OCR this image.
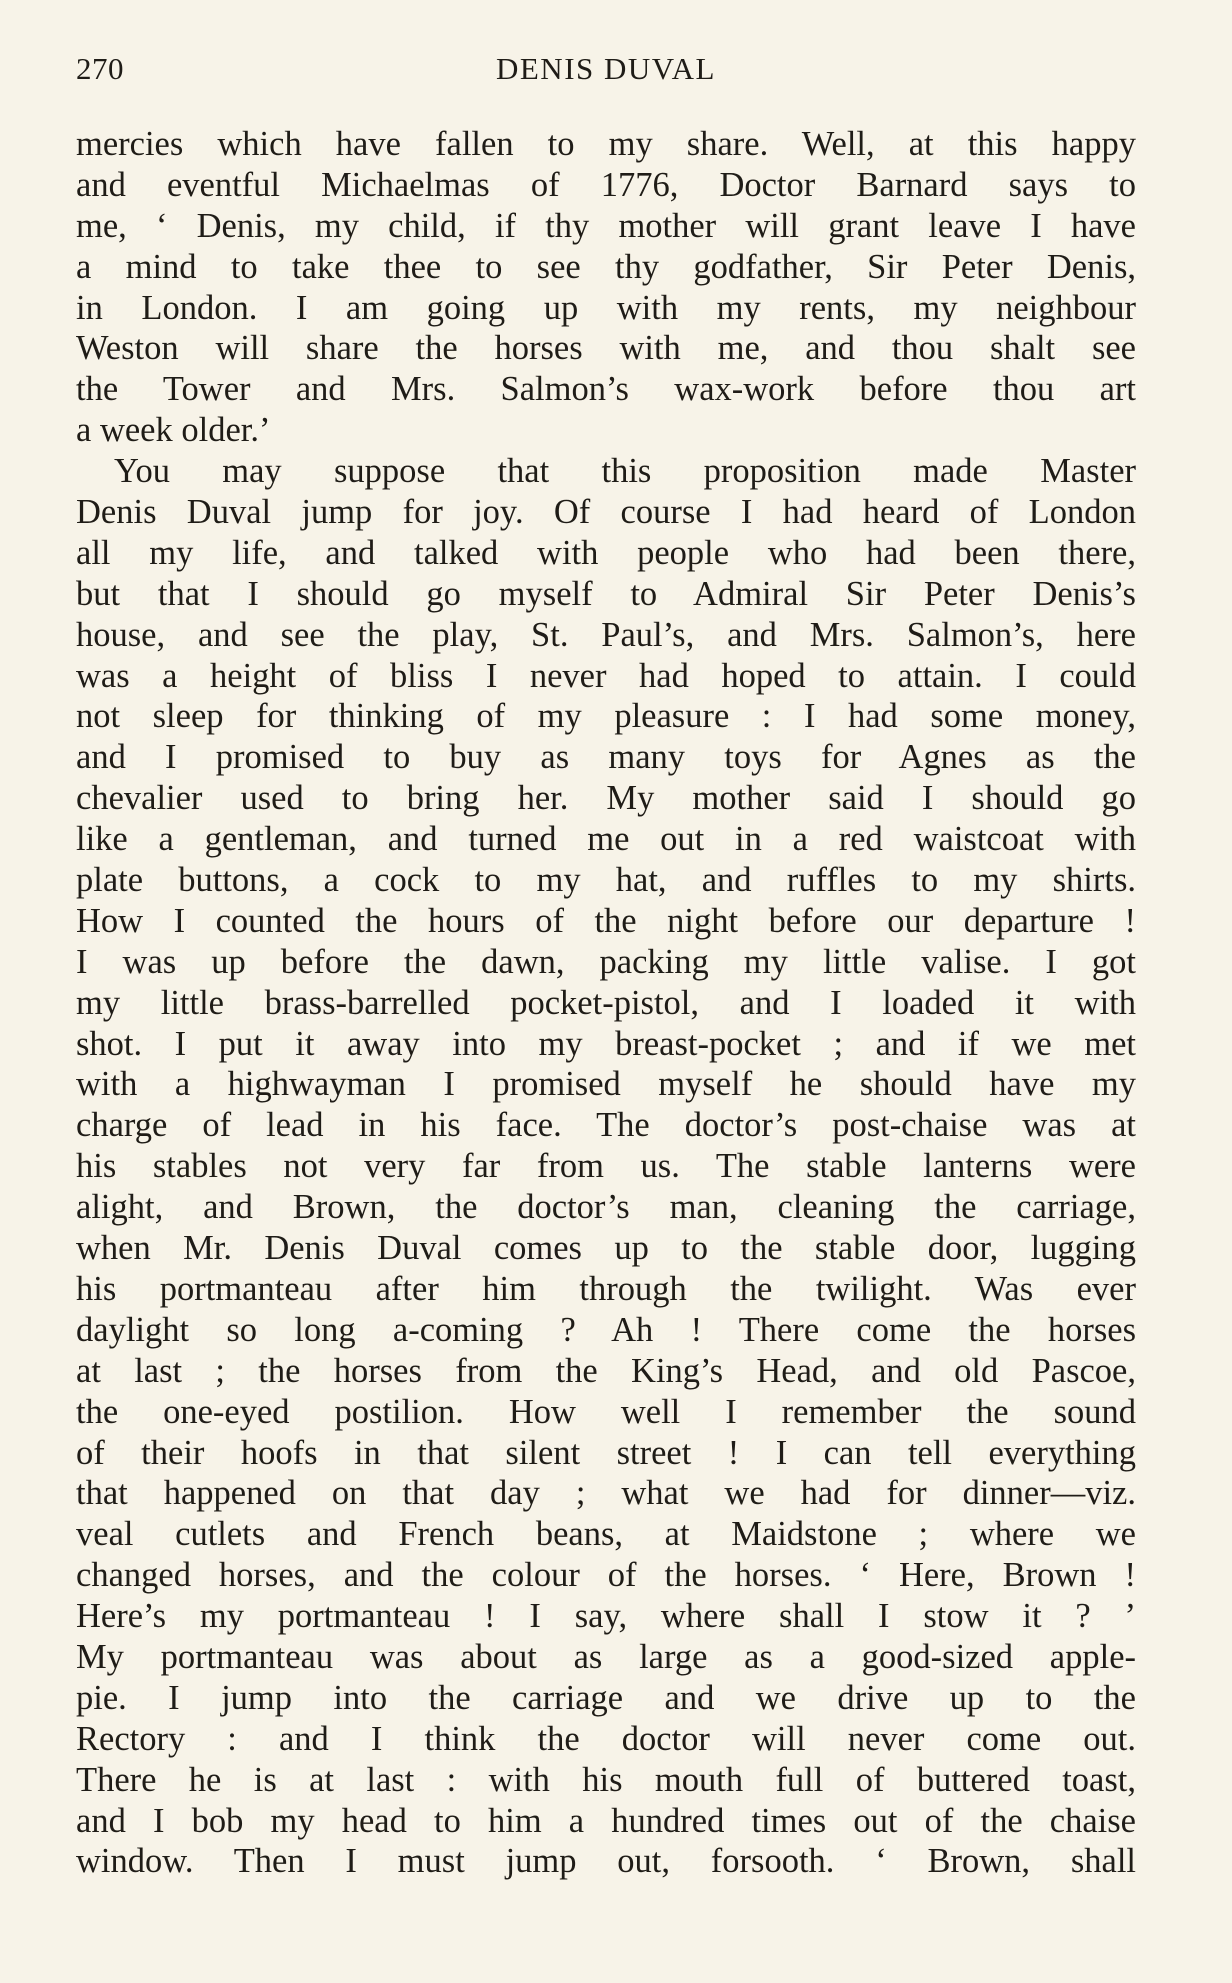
270	DENIS DUVAL
mercies which have fallen to my share. Well, at this happy
and eventful Michaelmas of 1776, Doctor Barnard says to
me, ‘ Denis, my child, if thy mother will grant leave I have
a mind to take thee to see thy godfather, Sir Peter Denis,
in London. I am going up with my rents, my neighbour
Weston will share the horses with me, and thou shalt see
the Tower and Mrs. Salmon’s wax-work before thou art
a week older.’
You may suppose that this proposition made Master
Denis Duval jump for joy. Of course I had heard of London
all my life, and talked with people who had been there,
but that I should go myself to Admiral Sir Peter Denis’s
house, and see the play, St. Paul’s, and Mrs. Salmon’s, here
was a height of bliss I never had hoped to attain. I could
not sleep for thinking of my pleasure : I had some money,
and I promised to buy as many toys for Agnes as the
chevalier used to bring her. My mother said I should go
like a gentleman, and turned me out in a red waistcoat with
plate buttons, a cock to my hat, and ruffles to my shirts.
How I counted the hours of the night before our departure !
I was up before the dawn, packing my little valise. I got
my little brass-barrelled pocket-pistol, and I loaded it with
shot. I put it away into my breast-pocket ; and if we met
with a highwayman I promised myself he should have my
charge of lead in his face. The doctor’s post-chaise was at
his stables not very far from us. The stable lanterns were
alight, and Brown, the doctor’s man, cleaning the carriage,
when Mr. Denis Duval comes up to the stable door, lugging
his portmanteau after him through the twilight. Was ever
daylight so long a-coming ? Ah ! There come the horses
at last ; the horses from the King’s Head, and old Pascoe,
the one-eyed postilion. How well I remember the sound
of their hoofs in that silent street ! I can tell everything
that happened on that day ; what we had for dinner—viz.
veal cutlets and French beans, at Maidstone ; where we
changed horses, and the colour of the horses. ‘ Here, Brown !
Here’s my portmanteau ! I say, where shall I stow it ? ’
My portmanteau was about as large as a good-sized apple-
pie. I jump into the carriage and we drive up to the
Rectory : and I think the doctor will never come out.
There he is at last : with his mouth full of buttered toast,
and I bob my head to him a hundred times out of the chaise
window. Then I must jump out, forsooth. ‘ Brown, shall
